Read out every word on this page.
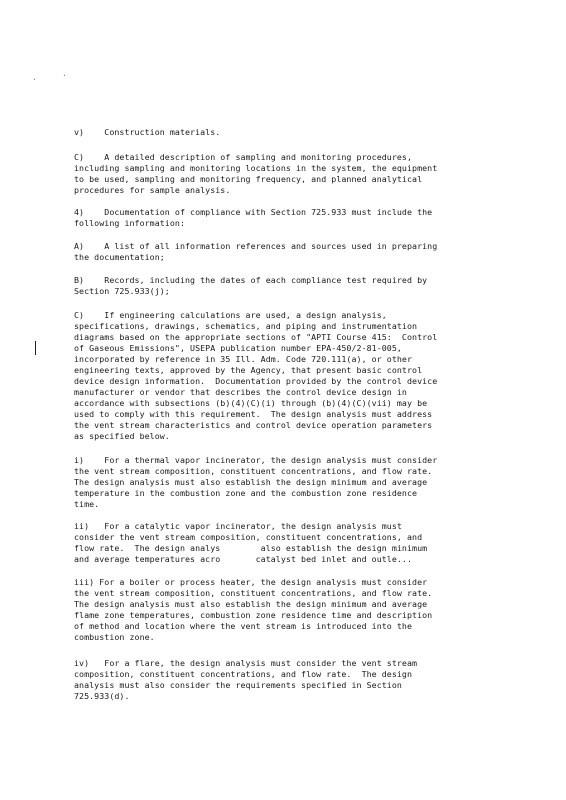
·	·

v)    Construction materials.

C)    A detailed description of sampling and monitoring procedures,
including sampling and monitoring locations in the system, the equipment
to be used, sampling and monitoring frequency, and planned analytical
procedures for sample analysis.

4)    Documentation of compliance with Section 725.933 must include the
following information:

A)    A list of all information references and sources used in preparing
the documentation;

B)    Records, including the dates of each compliance test required by
Section 725.933(j);

C)    If engineering calculations are used, a design analysis,
specifications, drawings, schematics, and piping and instrumentation
diagrams based on the appropriate sections of "APTI Course 415:  Control
of Gaseous Emissions", USEPA publication number EPA-450/2-81-005,
incorporated by reference in 35 Ill. Adm. Code 720.111(a), or other
engineering texts, approved by the Agency, that present basic control
device design information.  Documentation provided by the control device
manufacturer or vendor that describes the control device design in
accordance with subsections (b)(4)(C)(i) through (b)(4)(C)(vii) may be
used to comply with this requirement.  The design analysis must address
the vent stream characteristics and control device operation parameters
as specified below.

i)    For a thermal vapor incinerator, the design analysis must consider
the vent stream composition, constituent concentrations, and flow rate.
The design analysis must also establish the design minimum and average
temperature in the combustion zone and the combustion zone residence
time.

ii)   For a catalytic vapor incinerator, the design analysis must
consider the vent stream composition, constituent concentrations, and
flow rate.  The design analys        also establish the design minimum
and average temperatures acro       catalyst bed inlet and outle...

iii) For a boiler or process heater, the design analysis must consider
the vent stream composition, constituent concentrations, and flow rate.
The design analysis must also establish the design minimum and average
flame zone temperatures, combustion zone residence time and description
of method and location where the vent stream is introduced into the
combustion zone.

iv)   For a flare, the design analysis must consider the vent stream
composition, constituent concentrations, and flow rate.  The design
analysis must also consider the requirements specified in Section
725.933(d).
